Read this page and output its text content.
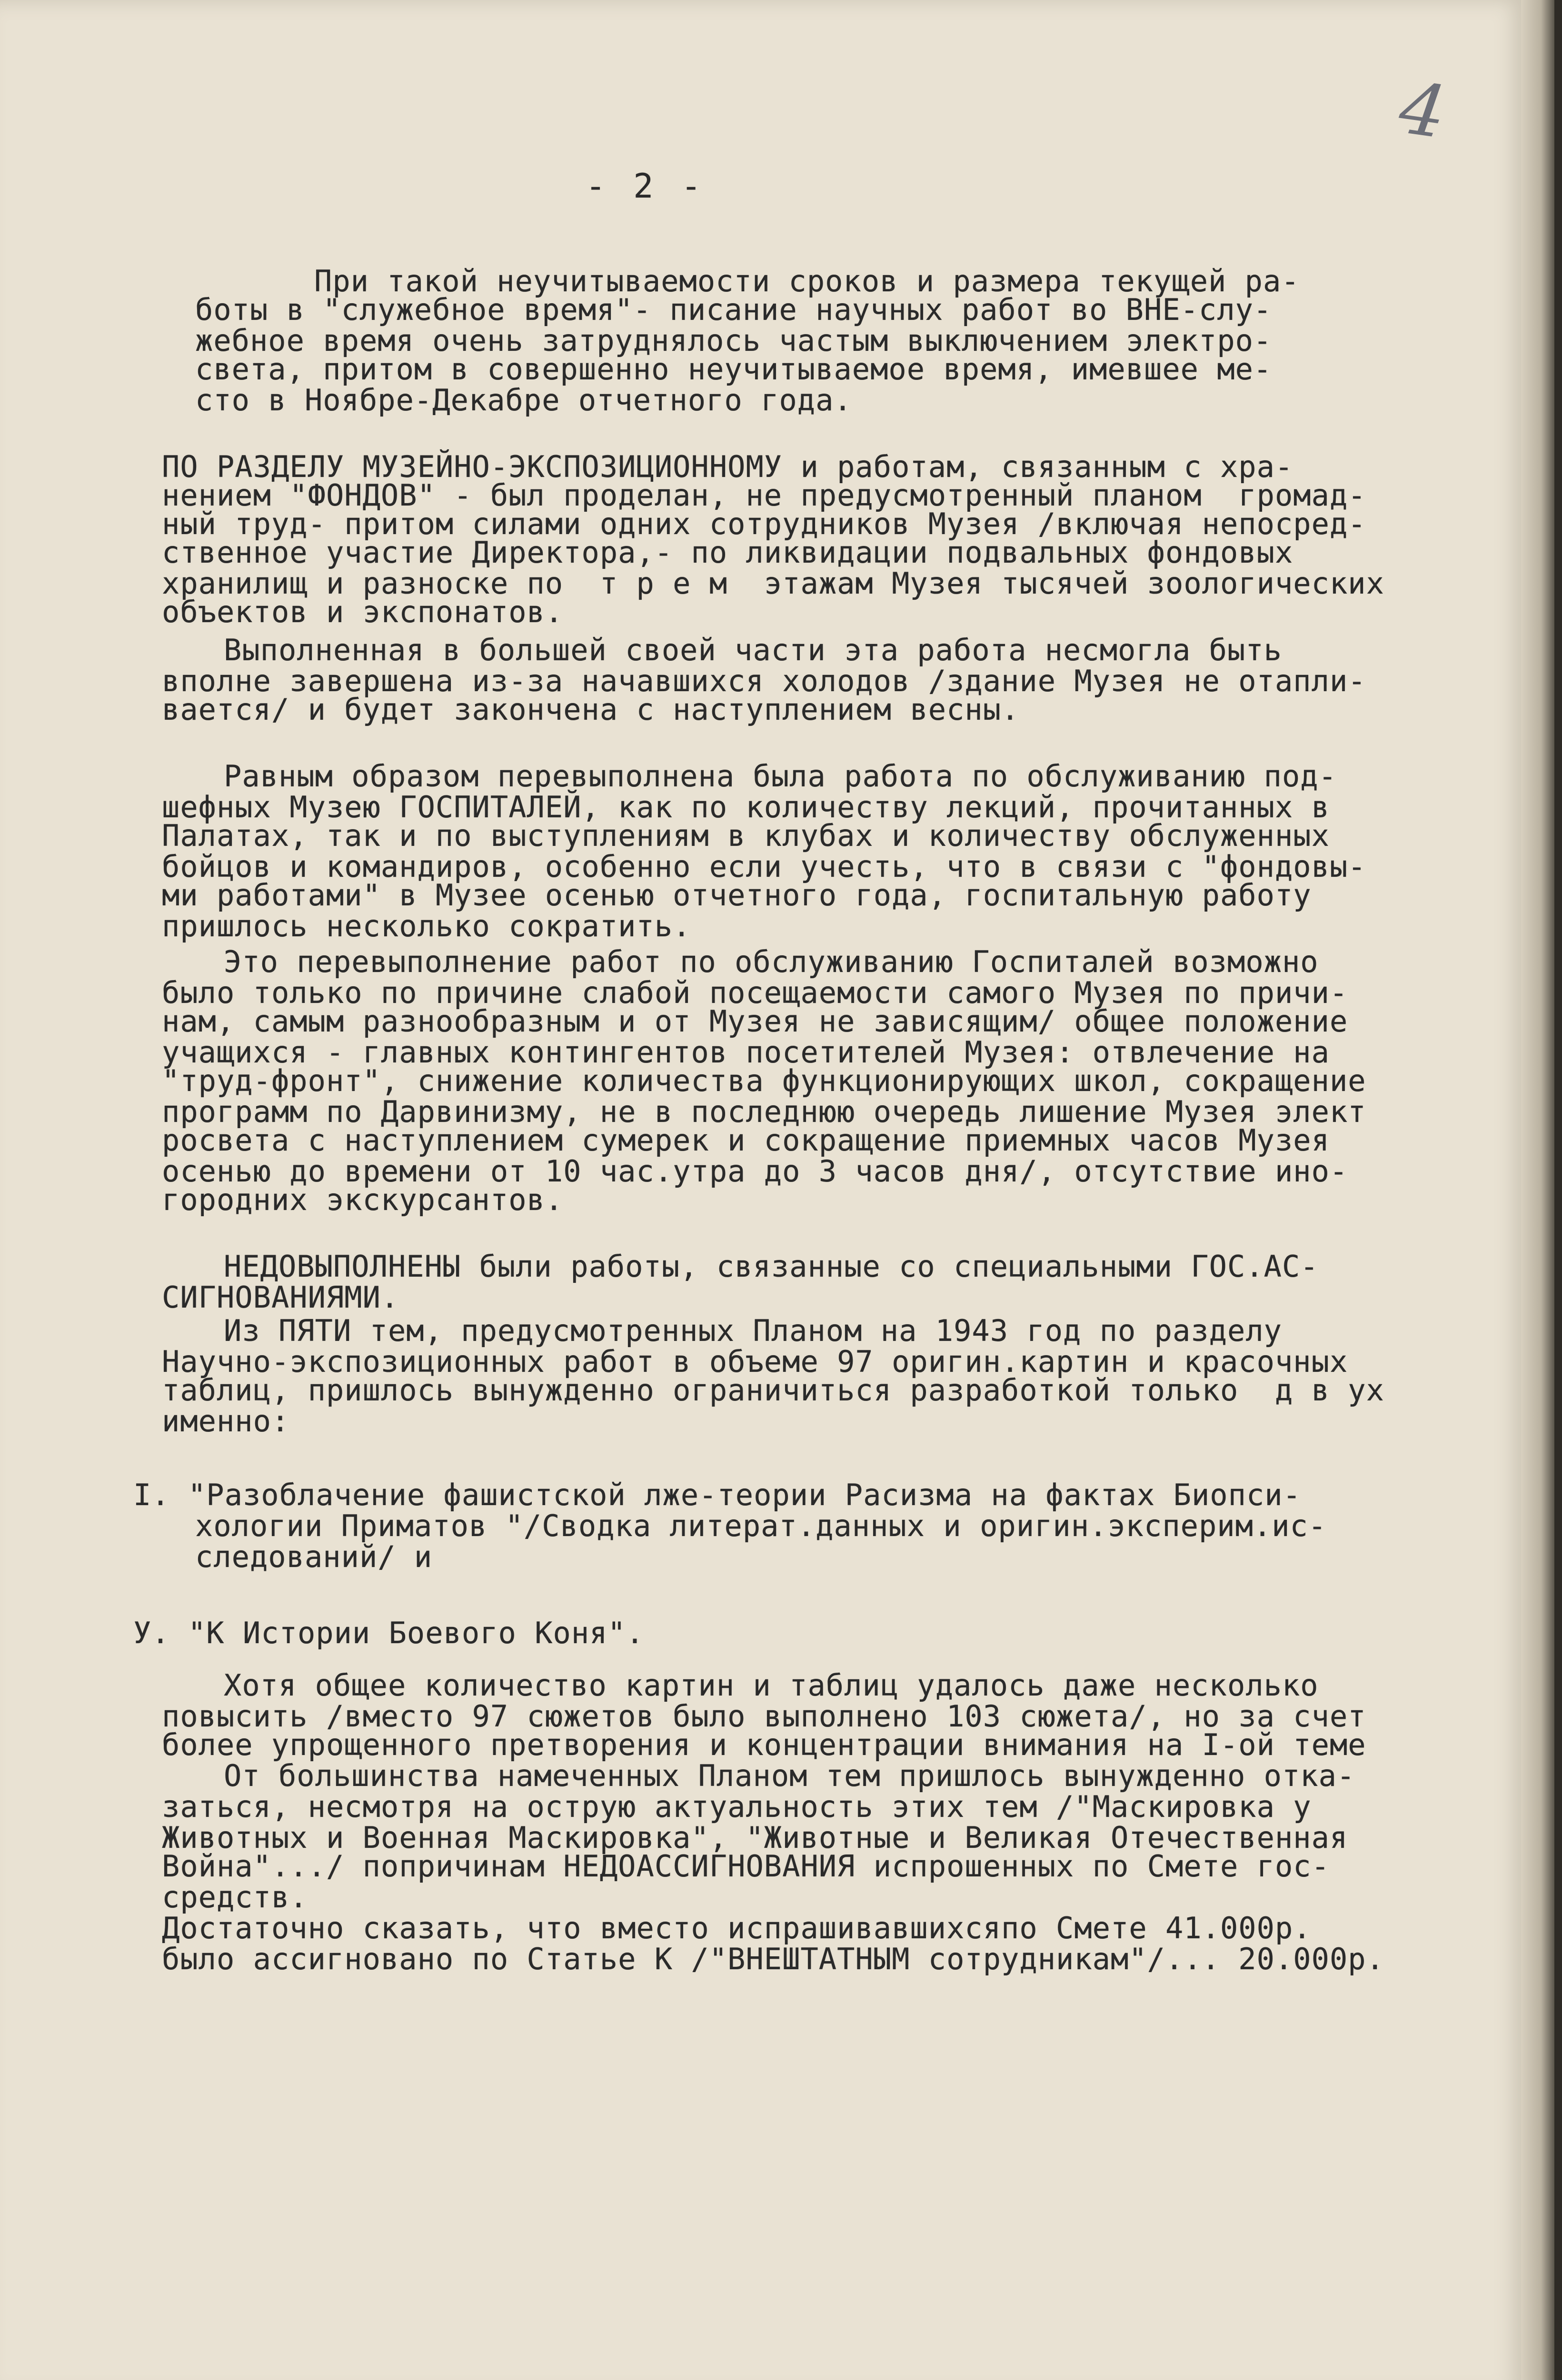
4
- 2 -
При такой неучитываемости сроков и размера текущей ра-
боты в "служебное время"- писание научных работ во ВНЕ-слу-
жебное время очень затруднялось частым выключением электро-
света, притом в совершенно неучитываемое время, имевшее ме-
сто в Ноябре-Декабре отчетного года.
ПО РАЗДЕЛУ МУЗЕЙНО-ЭКСПОЗИЦИОННОМУ и работам, связанным с хра-
нением "ФОНДОВ" - был проделан, не предусмотренный планом  громад-
ный труд- притом силами одних сотрудников Музея /включая непосред-
ственное участие Директора,- по ликвидации подвальных фондовых
хранилищ и разноске по  т р е м  этажам Музея тысячей зоологических
объектов и экспонатов.
Выполненная в большей своей части эта работа несмогла быть
вполне завершена из-за начавшихся холодов /здание Музея не отапли-
вается/ и будет закончена с наступлением весны.
Равным образом перевыполнена была работа по обслуживанию под-
шефных Музею ГОСПИТАЛЕЙ, как по количеству лекций, прочитанных в
Палатах, так и по выступлениям в клубах и количеству обслуженных
бойцов и командиров, особенно если учесть, что в связи с "фондовы-
ми работами" в Музее осенью отчетного года, госпитальную работу
пришлось несколько сократить.
Это перевыполнение работ по обслуживанию Госпиталей возможно
было только по причине слабой посещаемости самого Музея по причи-
нам, самым разнообразным и от Музея не зависящим/ общее положение
учащихся - главных контингентов посетителей Музея: отвлечение на
"труд-фронт", снижение количества функционирующих школ, сокращение
программ по Дарвинизму, не в последнюю очередь лишение Музея элект
росвета с наступлением сумерек и сокращение приемных часов Музея
осенью до времени от 10 час.утра до 3 часов дня/, отсутствие ино-
городних экскурсантов.
НЕДОВЫПОЛНЕНЫ были работы, связанные со специальными ГОС.АС-
СИГНОВАНИЯМИ.
Из ПЯТИ тем, предусмотренных Планом на 1943 год по разделу
Научно-экспозиционных работ в объеме 97 оригин.картин и красочных
таблиц, пришлось вынужденно ограничиться разработкой только  д в ух
именно:
I. "Разоблачение фашистской лже-теории Расизма на фактах Биопси-
хологии Приматов "/Сводка литерат.данных и оригин.эксперим.ис-
следований/ и
У. "К Истории Боевого Коня".
Хотя общее количество картин и таблиц удалось даже несколько
повысить /вместо 97 сюжетов было выполнено 103 сюжета/, но за счет
более упрощенного претворения и концентрации внимания на I-ой теме
От большинства намеченных Планом тем пришлось вынужденно отка-
заться, несмотря на острую актуальность этих тем /"Маскировка у
Животных и Военная Маскировка", "Животные и Великая Отечественная
Война".../ попричинам НЕДОАССИГНОВАНИЯ испрошенных по Смете гос-
средств.
Достаточно сказать, что вместо испрашивавшихсяпо Смете 41.000р.
было ассигновано по Статье К /"ВНЕШТАТНЫМ сотрудникам"/... 20.000р.
